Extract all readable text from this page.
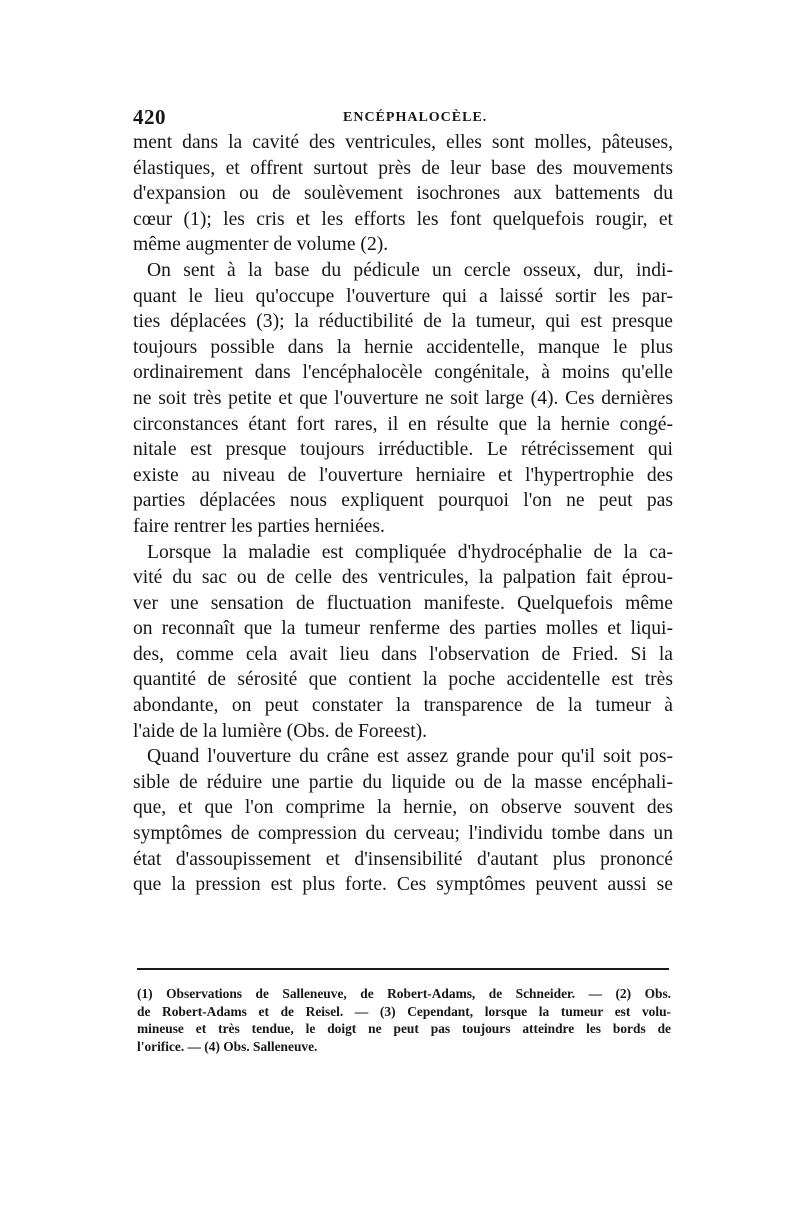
420	ENCÉPHALOCÈLE.
ment dans la cavité des ventricules, elles sont molles, pâteuses,
élastiques, et offrent surtout près de leur base des mouvements
d'expansion ou de soulèvement isochrones aux battements du
cœur (1); les cris et les efforts les font quelquefois rougir, et
même augmenter de volume (2).
On sent à la base du pédicule un cercle osseux, dur, indi-
quant le lieu qu'occupe l'ouverture qui a laissé sortir les par-
ties déplacées (3); la réductibilité de la tumeur, qui est presque
toujours possible dans la hernie accidentelle, manque le plus
ordinairement dans l'encéphalocèle congénitale, à moins qu'elle
ne soit très petite et que l'ouverture ne soit large (4). Ces dernières
circonstances étant fort rares, il en résulte que la hernie congé-
nitale est presque toujours irréductible. Le rétrécissement qui
existe au niveau de l'ouverture herniaire et l'hypertrophie des
parties déplacées nous expliquent pourquoi l'on ne peut pas
faire rentrer les parties herniées.
Lorsque la maladie est compliquée d'hydrocéphalie de la ca-
vité du sac ou de celle des ventricules, la palpation fait éprou-
ver une sensation de fluctuation manifeste. Quelquefois même
on reconnaît que la tumeur renferme des parties molles et liqui-
des, comme cela avait lieu dans l'observation de Fried. Si la
quantité de sérosité que contient la poche accidentelle est très
abondante, on peut constater la transparence de la tumeur à
l'aide de la lumière (Obs. de Foreest).
Quand l'ouverture du crâne est assez grande pour qu'il soit pos-
sible de réduire une partie du liquide ou de la masse encéphali-
que, et que l'on comprime la hernie, on observe souvent des
symptômes de compression du cerveau; l'individu tombe dans un
état d'assoupissement et d'insensibilité d'autant plus prononcé
que la pression est plus forte. Ces symptômes peuvent aussi se
(1) Observations de Salleneuve, de Robert-Adams, de Schneider. — (2) Obs.
de Robert-Adams et de Reisel. — (3) Cependant, lorsque la tumeur est volu-
mineuse et très tendue, le doigt ne peut pas toujours atteindre les bords de
l'orifice. — (4) Obs. Salleneuve.
